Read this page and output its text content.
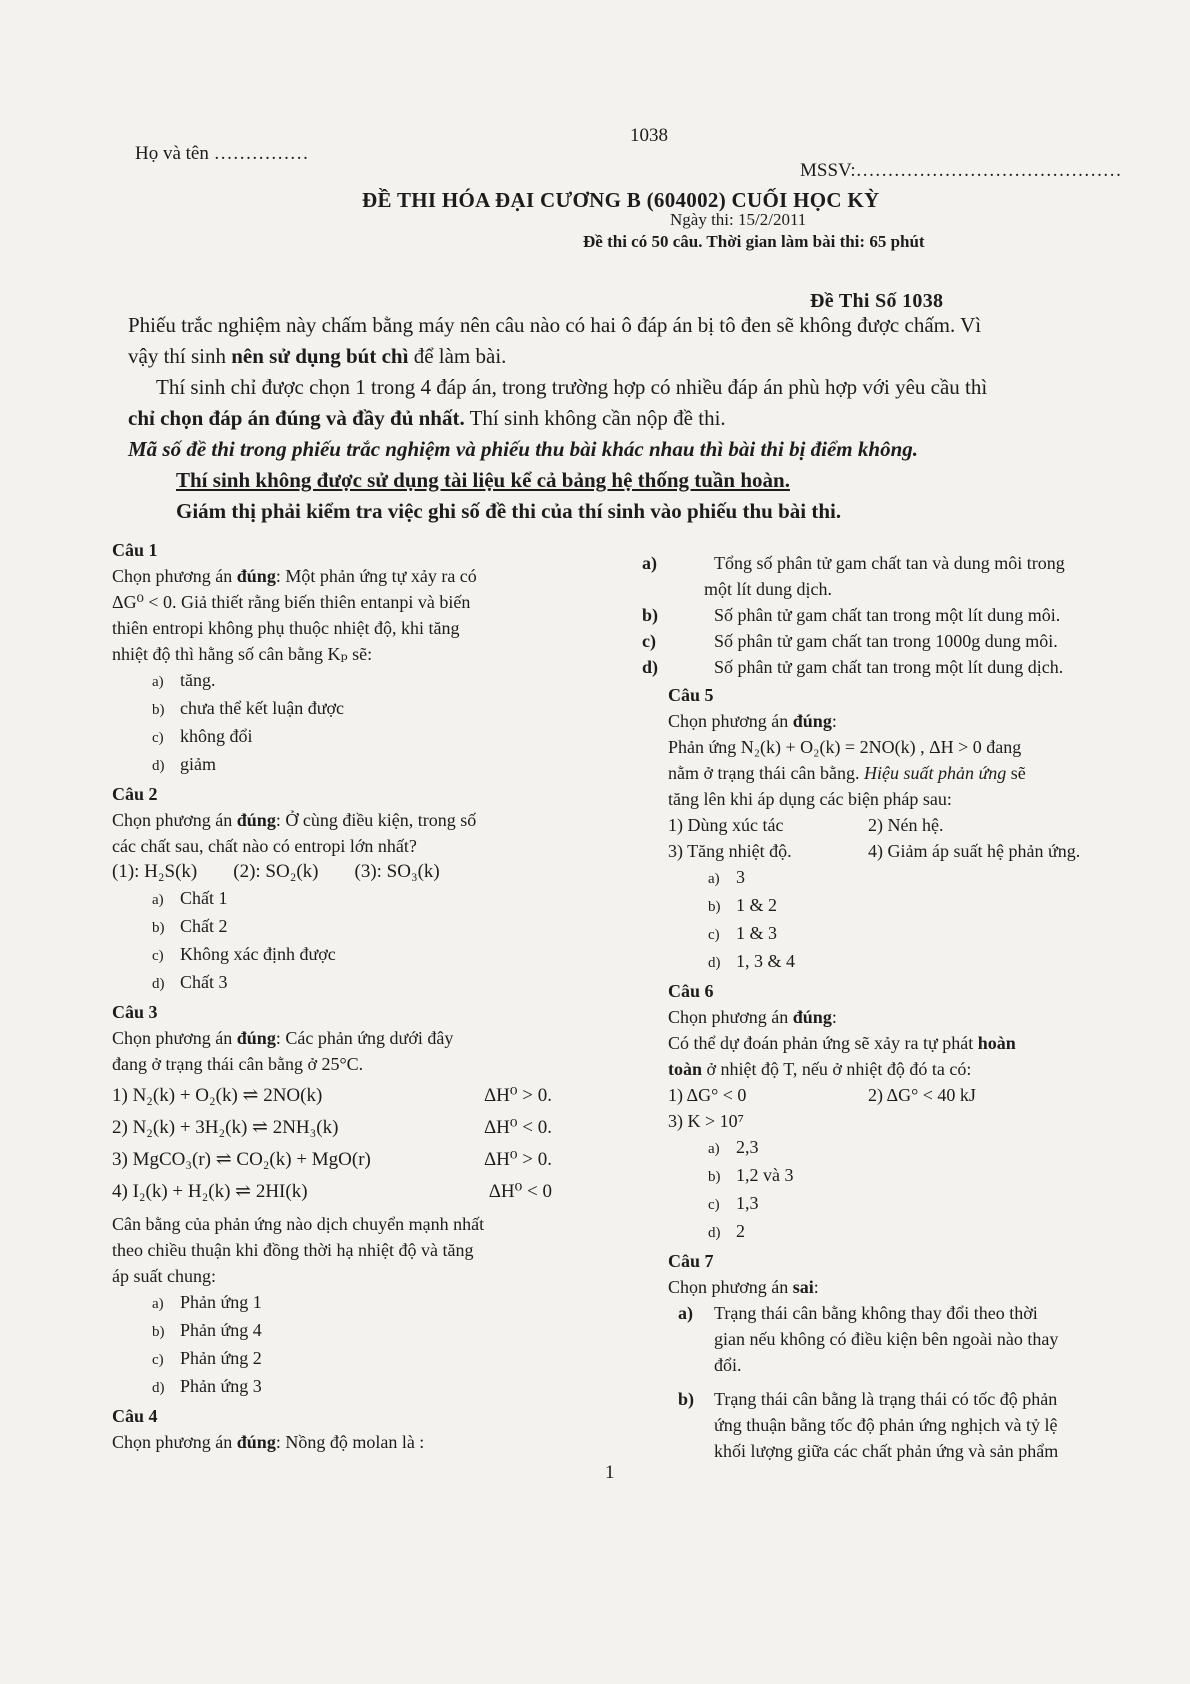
Họ và tên ……………
1038
MSSV:……………………………………
ĐỀ THI HÓA ĐẠI CƯƠNG B (604002) CUỐI HỌC KỲ
Ngày thi: 15/2/2011
Đề thi có 50 câu. Thời gian làm bài thi: 65 phút
Đề Thi Số 1038

Phiếu trắc nghiệm này chấm bằng máy nên câu nào có hai ô đáp án bị tô đen sẽ không được chấm. Vì

vậy thí sinh nên sử dụng bút chì để làm bài.

Thí sinh chỉ được chọn 1 trong 4 đáp án, trong trường hợp có nhiều đáp án phù hợp với yêu cầu thì

chỉ chọn đáp án đúng và đầy đủ nhất. Thí sinh không cần nộp đề thi.

Mã số đề thi trong phiếu trắc nghiệm và phiếu thu bài khác nhau thì bài thi bị điểm không.

Thí sinh không được sử dụng tài liệu kể cả bảng hệ thống tuần hoàn.

Giám thị phải kiểm tra việc ghi số đề thi của thí sinh vào phiếu thu bài thi.

Câu 1

Chọn phương án đúng: Một phản ứng tự xảy ra có

ΔG⁰ < 0. Giả thiết rằng biến thiên entanpi và biến

thiên entropi không phụ thuộc nhiệt độ, khi tăng

nhiệt độ thì hằng số cân bằng Kₚ sẽ:

a) tăng.

b) chưa thể kết luận được

c) không đổi

d) giảm

Câu 2

Chọn phương án đúng: Ở cùng điều kiện, trong số

các chất sau, chất nào có entropi lớn nhất?

(1): H₂S(k) (2): SO₂(k) (3): SO₃(k)

a) Chất 1

b) Chất 2

c) Không xác định được

d) Chất 3

Câu 3

Chọn phương án đúng: Các phản ứng dưới đây

đang ở trạng thái cân bằng ở 25°C.

1) N₂(k) + O₂(k) ⇌ 2NO(k)	ΔH⁰ > 0.

2) N₂(k) + 3H₂(k) ⇌ 2NH₃(k)	ΔH⁰ < 0.

3) MgCO₃(r) ⇌ CO₂(k) + MgO(r)	ΔH⁰ > 0.

4) I₂(k) + H₂(k) ⇌ 2HI(k)	ΔH⁰ < 0

Cân bằng của phản ứng nào dịch chuyển mạnh nhất

theo chiều thuận khi đồng thời hạ nhiệt độ và tăng

áp suất chung:

a) Phản ứng 1

b) Phản ứng 4

c) Phản ứng 2

d) Phản ứng 3

Câu 4

Chọn phương án đúng: Nồng độ molan là :

a)	Tổng số phân tử gam chất tan và dung môi trong

một lít dung dịch.

b)	Số phân tử gam chất tan trong một lít dung môi.

c)	Số phân tử gam chất tan trong 1000g dung môi.

d)	Số phân tử gam chất tan trong một lít dung dịch.

Câu 5

Chọn phương án đúng:

Phản ứng N₂(k) + O₂(k) = 2NO(k) , ΔH > 0 đang

nằm ở trạng thái cân bằng. Hiệu suất phản ứng sẽ

tăng lên khi áp dụng các biện pháp sau:

1) Dùng xúc tác	2) Nén hệ.

3) Tăng nhiệt độ.	4) Giảm áp suất hệ phản ứng.

a) 3

b) 1 & 2

c) 1 & 3

d) 1, 3 & 4

Câu 6

Chọn phương án đúng:

Có thể dự đoán phản ứng sẽ xảy ra tự phát hoàn

toàn ở nhiệt độ T, nếu ở nhiệt độ đó ta có:

1) ΔG° < 0	2) ΔG° < 40 kJ

3) K > 10⁷

a) 2,3

b) 1,2 và 3

c) 1,3

d) 2

Câu 7

Chọn phương án sai:

a) Trạng thái cân bằng không thay đổi theo thời

gian nếu không có điều kiện bên ngoài nào thay

đổi.

b) Trạng thái cân bằng là trạng thái có tốc độ phản

ứng thuận bằng tốc độ phản ứng nghịch và tỷ lệ

khối lượng giữa các chất phản ứng và sản phẩm

1
